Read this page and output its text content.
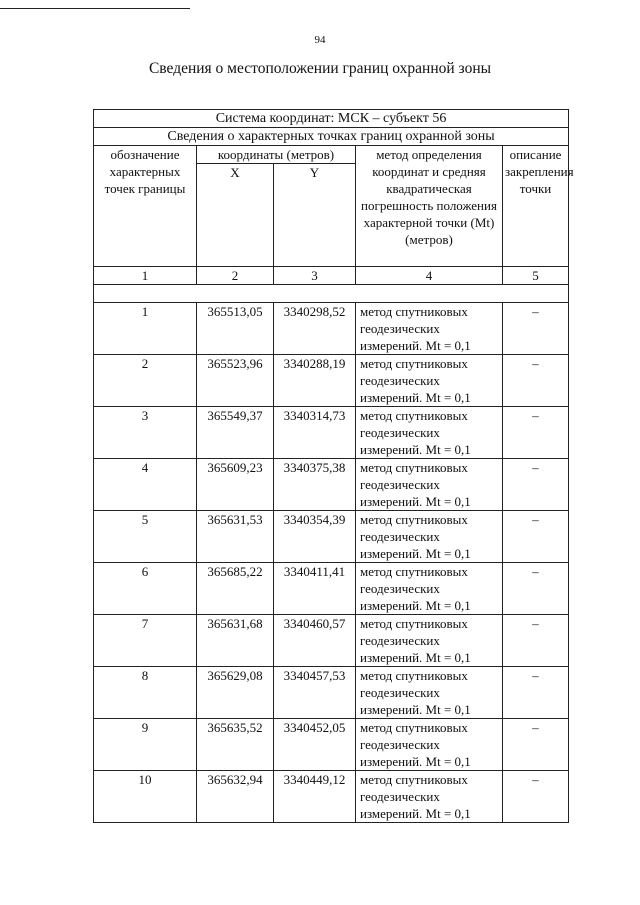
94
Сведения о местоположении границ охранной зоны
Система координат: МСК – субъект 56				
Сведения о характерных точках границ охранной зоны				
обозначение характерных точек границы	координаты (метров)		метод определения координат и средняя квадратическая погрешность положения характерной точки (Mt) (метров)	описание закрепления точки
	X	Y		
1	2	3	4	5

1	365513,05	3340298,52	метод спутниковых геодезических измерений. Mt = 0,1	–
2	365523,96	3340288,19	метод спутниковых геодезических измерений. Mt = 0,1	–
3	365549,37	3340314,73	метод спутниковых геодезических измерений. Mt = 0,1	–
4	365609,23	3340375,38	метод спутниковых геодезических измерений. Mt = 0,1	–
5	365631,53	3340354,39	метод спутниковых геодезических измерений. Mt = 0,1	–
6	365685,22	3340411,41	метод спутниковых геодезических измерений. Mt = 0,1	–
7	365631,68	3340460,57	метод спутниковых геодезических измерений. Mt = 0,1	–
8	365629,08	3340457,53	метод спутниковых геодезических измерений. Mt = 0,1	–
9	365635,52	3340452,05	метод спутниковых геодезических измерений. Mt = 0,1	–
10	365632,94	3340449,12	метод спутниковых геодезических измерений. Mt = 0,1	–
